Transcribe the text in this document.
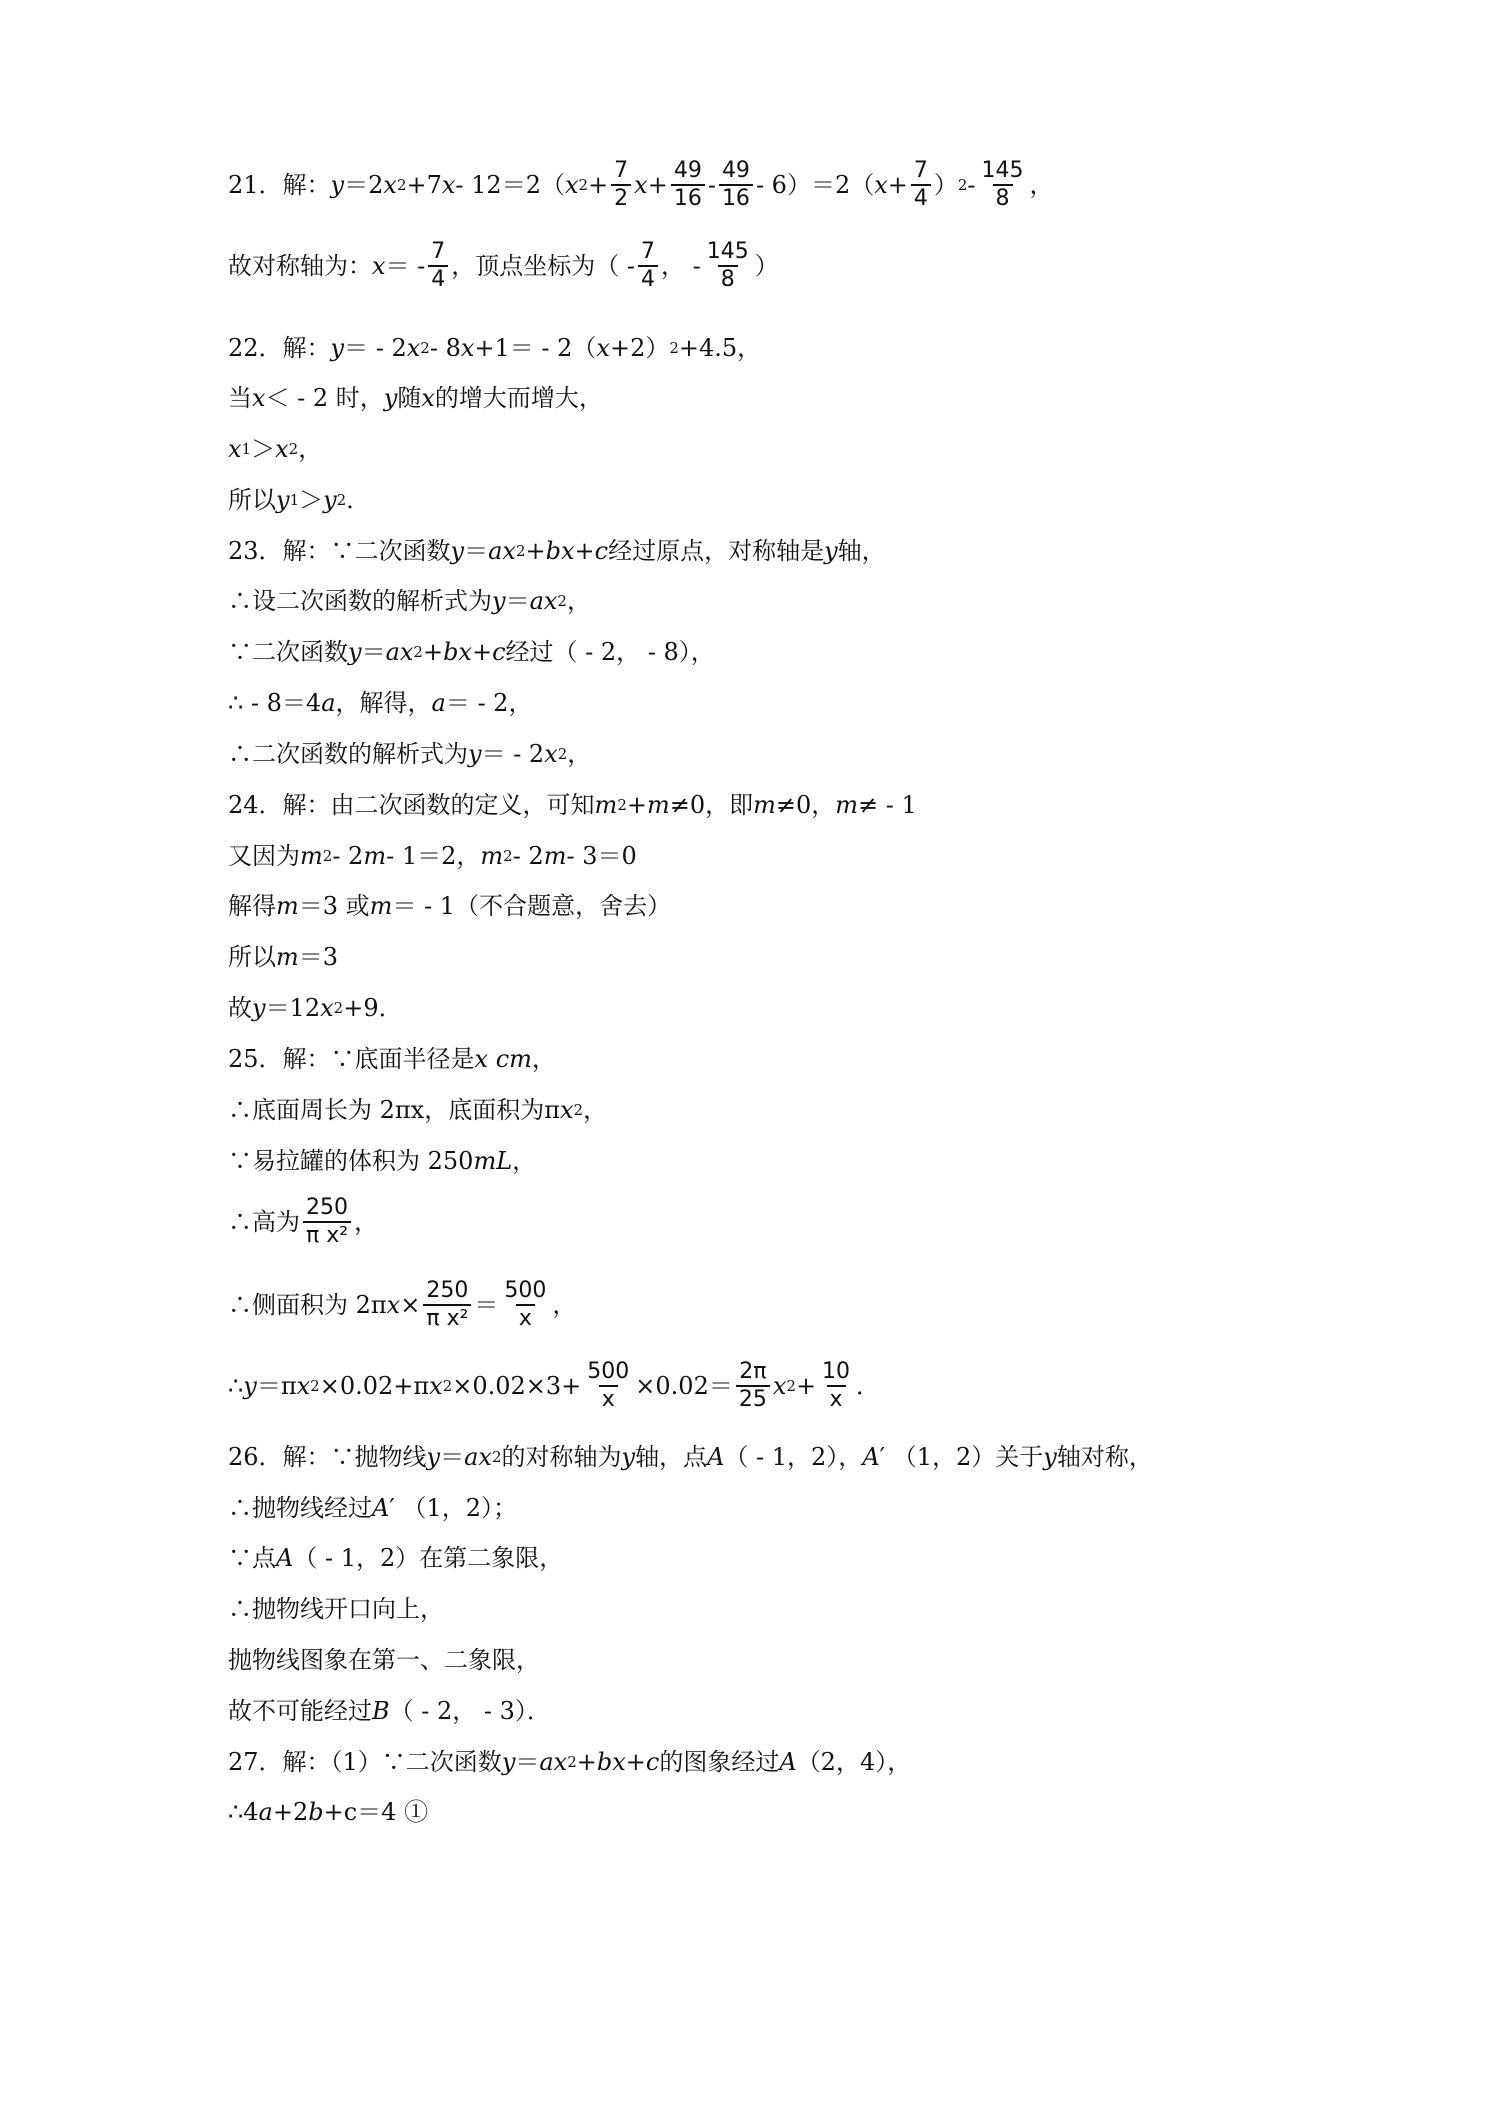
21．解： y ＝2 x 2 +7 x - 12＝2（ x $2 + \frac{7}{2}$ $x + \frac{49}{16} - \frac{49}{16} - 6)=2$（ $x + \frac{7}{4}$ ） $2 - \frac{145}{8}$ ，
故对称轴为： x ＝ - $\frac{7}{4}$ ，顶点坐标为（ - $\frac{7}{4}$ ， - $\frac{145}{8}$ ）
22．解： y ＝ - 2 x 2 - 8 x +1＝ - 2（ x +2） 2 +4.5，
当 x ＜ - 2 时， y 随 x 的增大而增大，
x 1 ＞ x 2 ，
所以 y 1 ＞ y 2 ．
23．解：∵二次函数 y ＝ ax 2 + bx + c 经过原点，对称轴是 y 轴，
∴设二次函数的解析式为 y ＝ ax 2 ，
∵二次函数 y ＝ ax 2 + bx + c 经过（ - 2， - 8），
∴ - 8＝4 a ，解得， a ＝ - 2，
∴二次函数的解析式为 y ＝ - 2 x 2 ，
24．解：由二次函数的定义，可知 m 2 + m ≠0，即 m ≠0， m ≠ - 1
又因为 m 2 - 2 m - 1＝2， m 2 - 2 m - 3＝0
解得 m ＝3 或 m ＝ - 1（不合题意，舍去）
所以 m ＝3
故 y ＝12 x 2 +9．
25．解：∵底面半径是 x cm ，
∴底面周长为 2πx，底面积为π x 2 ，
∵易拉罐的体积为 250 mL ，
∴高为 $\frac{250}{\text{π x²}}$ ，
∴侧面积为 2π $x \times \frac{250}{\text{π x²}} = \frac{500}{x}$ ，
∴ y ＝π x 2 ×0.02+π x $2 \times 0.02\times 3+ \frac{500}{x} \times 0.02= \frac{2\pi}{25}$ x $2 + \frac{10}{x}$ ．
26．解：∵抛物线 y ＝ ax 2 的对称轴为 y 轴，点 A （ - 1，2）， A ′ （1，2）关于 y 轴对称，
∴抛物线经过 A ′ （1，2）；
∵点 A （ - 1，2）在第二象限，
∴抛物线开口向上，
抛物线图象在第一、二象限，
故不可能经过 B （ - 2， - 3）．
27．解：（1）∵二次函数 y ＝ ax 2 + bx + c 的图象经过 A （2，4），
∴4 a +2 b +c＝4 ①
